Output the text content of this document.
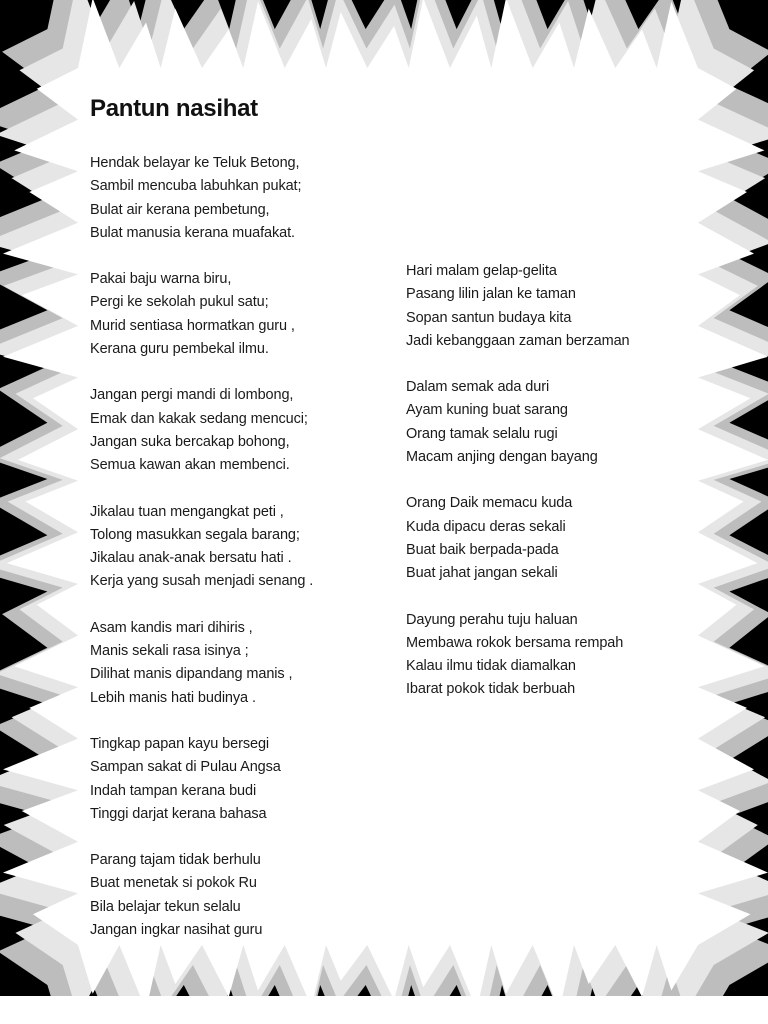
Pantun nasihat
Hendak belayar ke Teluk Betong,
Sambil mencuba labuhkan pukat;
Bulat air kerana pembetung,
Bulat manusia kerana muafakat.
Pakai baju warna biru,
Pergi ke sekolah pukul satu;
Murid sentiasa hormatkan guru ,
Kerana guru pembekal ilmu.
Jangan pergi mandi di lombong,
Emak dan kakak sedang mencuci;
Jangan suka bercakap bohong,
Semua kawan akan membenci.
Jikalau tuan mengangkat peti ,
Tolong masukkan segala barang;
Jikalau anak-anak bersatu hati .
Kerja yang susah menjadi senang .
Asam kandis mari dihiris ,
Manis sekali rasa isinya ;
Dilihat manis dipandang manis ,
Lebih manis hati budinya .
Tingkap papan kayu bersegi
Sampan sakat di Pulau Angsa
Indah tampan kerana budi
Tinggi darjat kerana bahasa
Parang tajam tidak berhulu
Buat menetak si pokok Ru
Bila belajar tekun selalu
Jangan ingkar nasihat guru
Hari malam gelap-gelita
Pasang lilin jalan ke taman
Sopan santun budaya kita
Jadi kebanggaan zaman berzaman
Dalam semak ada duri
Ayam kuning buat sarang
Orang tamak selalu rugi
Macam anjing dengan bayang
Orang Daik memacu kuda
Kuda dipacu deras sekali
Buat baik berpada-pada
Buat jahat jangan sekali
Dayung perahu tuju haluan
Membawa rokok bersama rempah
Kalau ilmu tidak diamalkan
Ibarat pokok tidak berbuah
